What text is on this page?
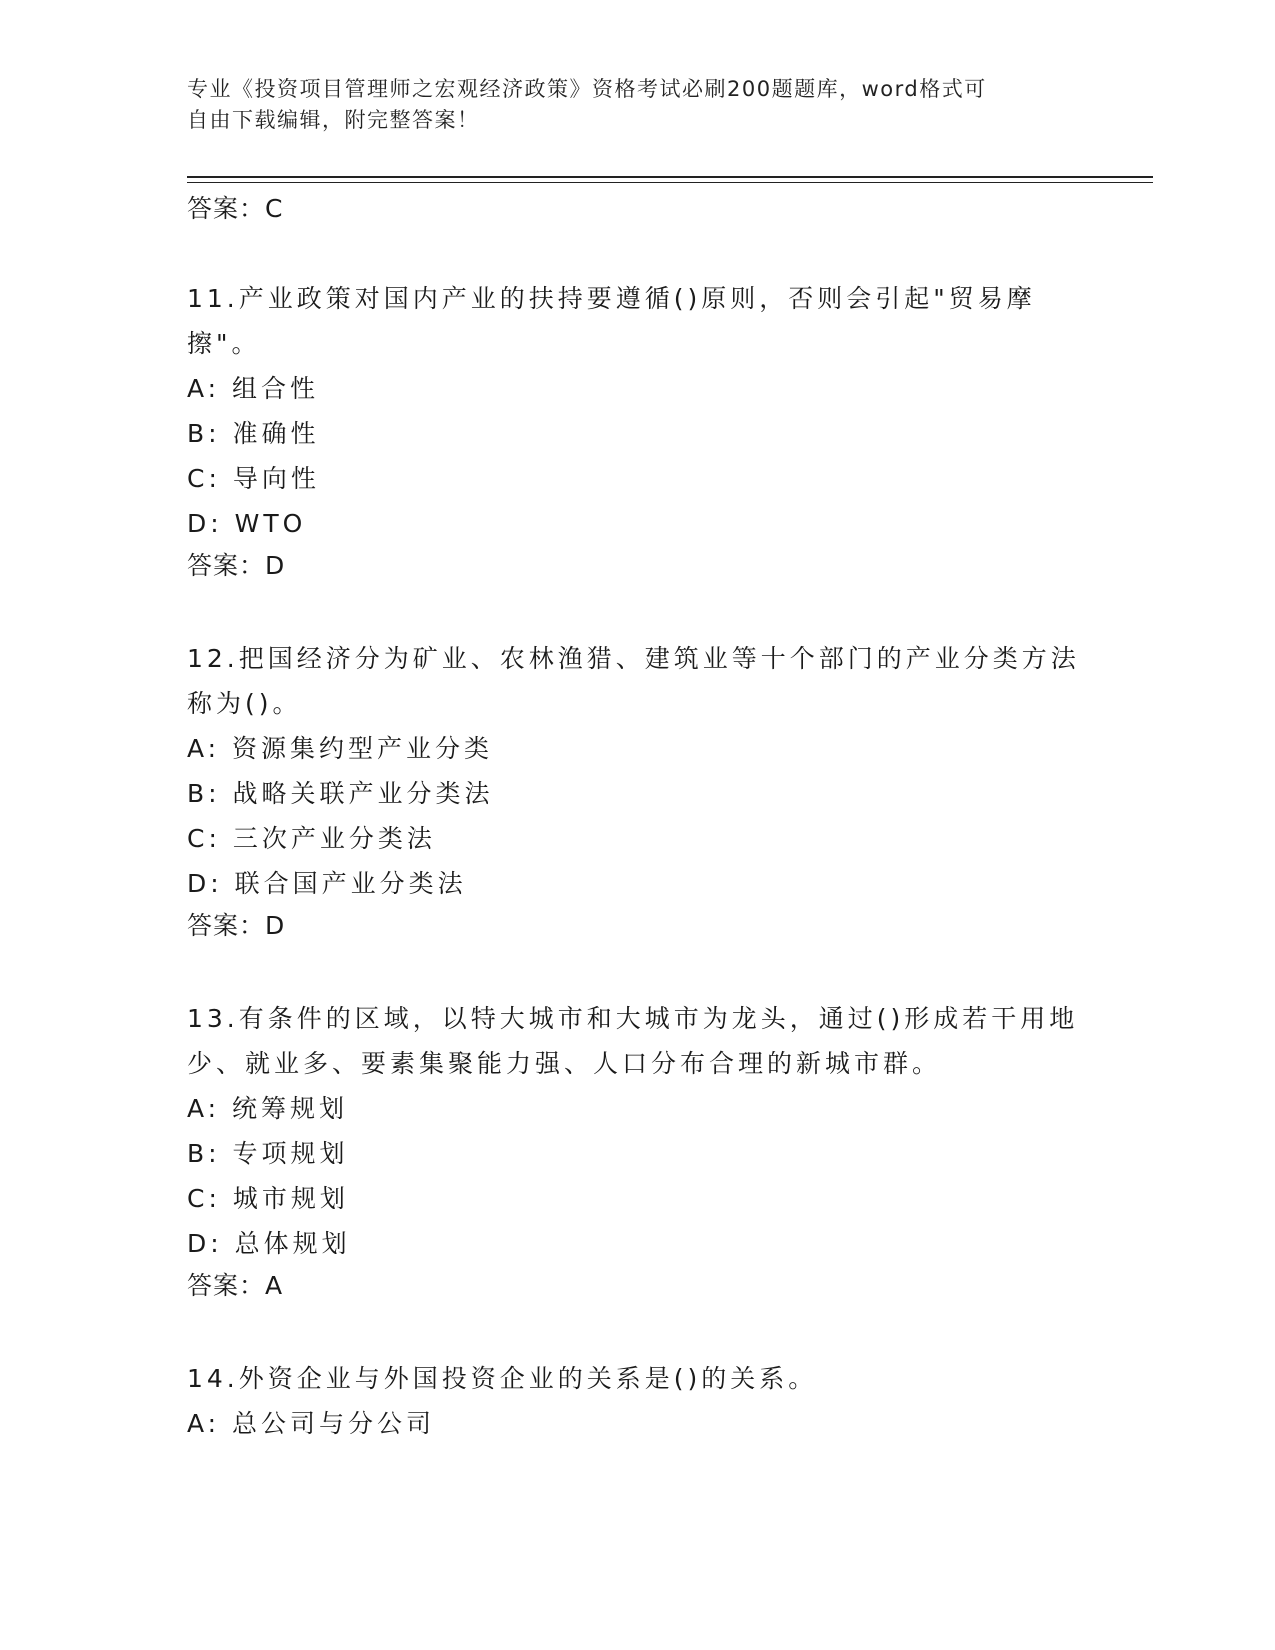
专业《投资项目管理师之宏观经济政策》资格考试必刷200题题库，word格式可
自由下载编辑，附完整答案！
答案：C
11.产业政策对国内产业的扶持要遵循()原则，否则会引起"贸易摩擦"。
A: 组合性
B: 准确性
C: 导向性
D: WTO
答案：D
12.把国经济分为矿业、农林渔猎、建筑业等十个部门的产业分类方法称为()。
A: 资源集约型产业分类
B: 战略关联产业分类法
C: 三次产业分类法
D: 联合国产业分类法
答案：D
13.有条件的区域，以特大城市和大城市为龙头，通过()形成若干用地少、就业多、要素集聚能力强、人口分布合理的新城市群。
A: 统筹规划
B: 专项规划
C: 城市规划
D: 总体规划
答案：A
14.外资企业与外国投资企业的关系是()的关系。
A: 总公司与分公司
